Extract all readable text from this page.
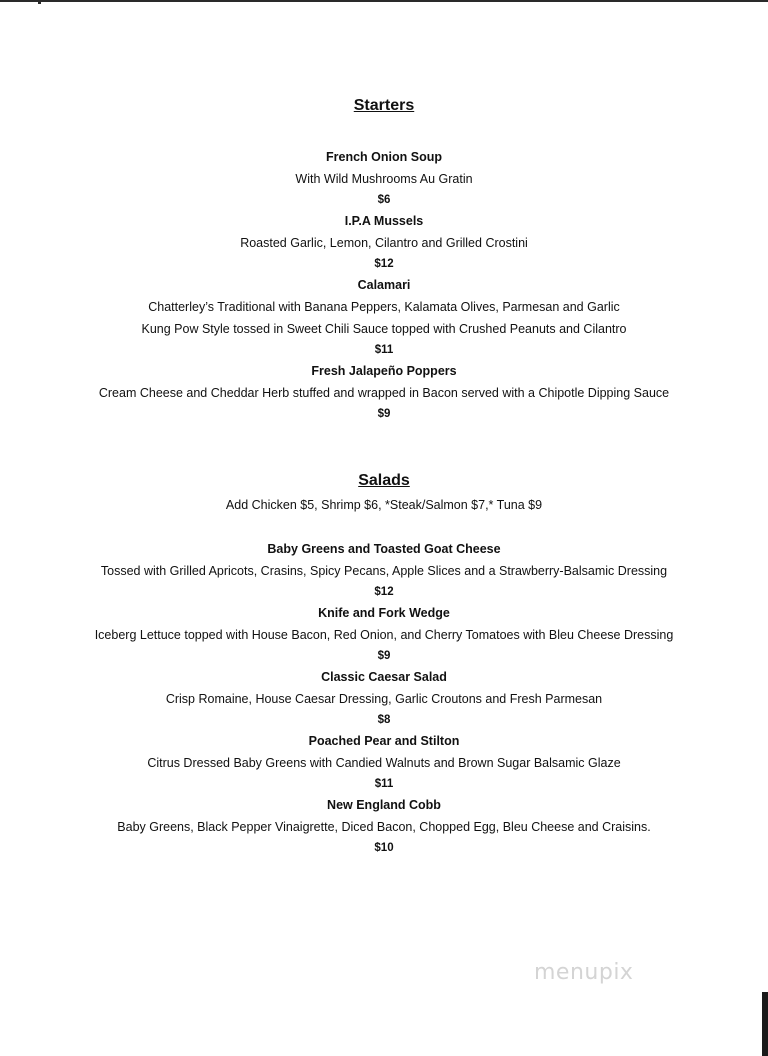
Starters
French Onion Soup
With Wild Mushrooms Au Gratin
$6
I.P.A Mussels
Roasted Garlic, Lemon, Cilantro and Grilled Crostini
$12
Calamari
Chatterley’s Traditional with Banana Peppers, Kalamata Olives, Parmesan and Garlic
Kung Pow Style tossed in Sweet Chili Sauce topped with Crushed Peanuts and Cilantro
$11
Fresh Jalapeño Poppers
Cream Cheese and Cheddar Herb stuffed and wrapped in Bacon served with a Chipotle Dipping Sauce
$9
Salads
Add Chicken $5, Shrimp $6, *Steak/Salmon $7,* Tuna $9
Baby Greens and Toasted Goat Cheese
Tossed with Grilled Apricots, Crasins, Spicy Pecans, Apple Slices and a Strawberry-Balsamic Dressing
$12
Knife and Fork Wedge
Iceberg Lettuce topped with House Bacon, Red Onion, and Cherry Tomatoes with Bleu Cheese Dressing
$9
Classic Caesar Salad
Crisp Romaine, House Caesar Dressing, Garlic Croutons and Fresh Parmesan
$8
Poached Pear and Stilton
Citrus Dressed Baby Greens with Candied Walnuts and Brown Sugar Balsamic Glaze
$11
New England Cobb
Baby Greens, Black Pepper Vinaigrette, Diced Bacon, Chopped Egg, Bleu Cheese and Craisins.
$10
menupix
